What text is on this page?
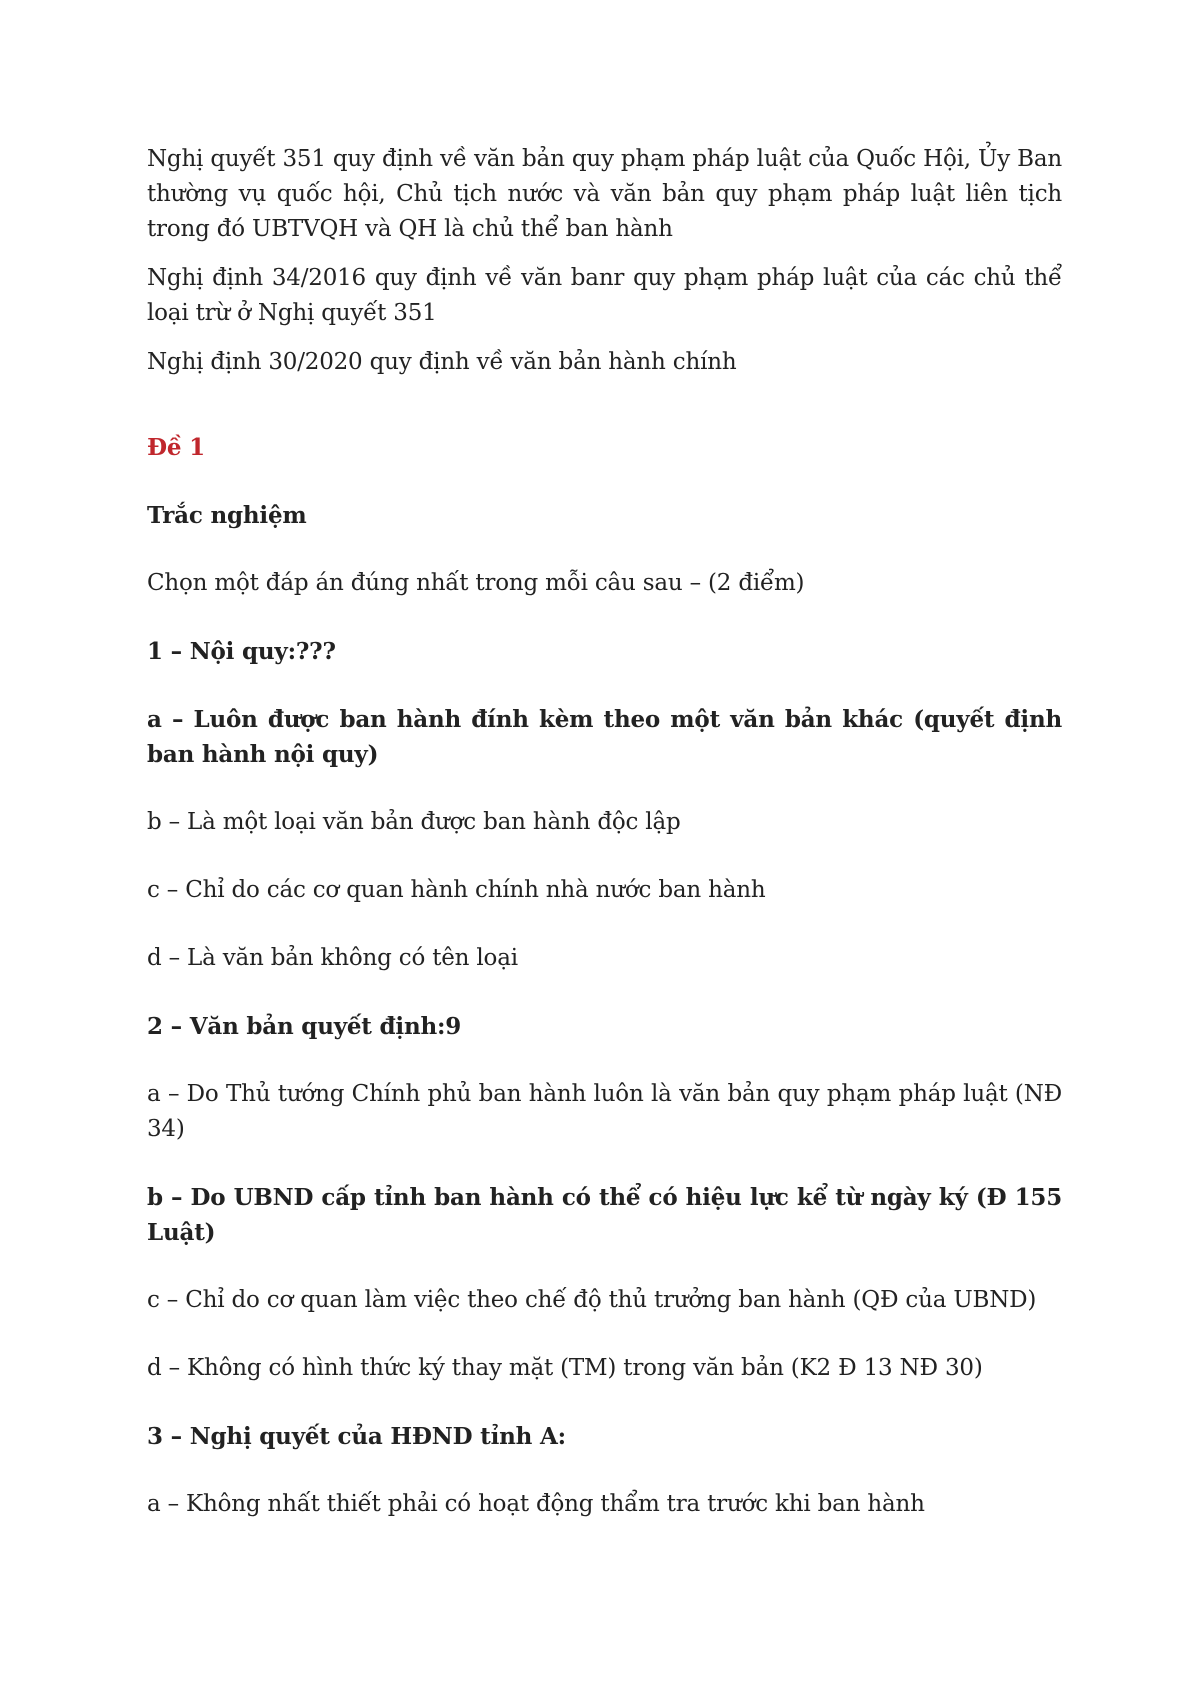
Nghị quyết 351 quy định về văn bản quy phạm pháp luật của Quốc Hội, Ủy Ban thường vụ quốc hội, Chủ tịch nước và văn bản quy phạm pháp luật liên tịch trong đó UBTVQH và QH là chủ thể ban hành

Nghị định 34/2016 quy định về văn banr quy phạm pháp luật của các chủ thể loại trừ ở Nghị quyết 351

Nghị định 30/2020 quy định về văn bản hành chính

Đề 1

Trắc nghiệm

Chọn một đáp án đúng nhất trong mỗi câu sau – (2 điểm)

1 – Nội quy:???

a – Luôn được ban hành đính kèm theo một văn bản khác (quyết định ban hành nội quy)

b – Là một loại văn bản được ban hành độc lập

c – Chỉ do các cơ quan hành chính nhà nước ban hành

d – Là văn bản không có tên loại

2 – Văn bản quyết định:9

a – Do Thủ tướng Chính phủ ban hành luôn là văn bản quy phạm pháp luật (NĐ 34)

b – Do UBND cấp tỉnh ban hành có thể có hiệu lực kể từ ngày ký (Đ 155 Luật)

c – Chỉ do cơ quan làm việc theo chế độ thủ trưởng ban hành (QĐ của UBND)

d – Không có hình thức ký thay mặt (TM) trong văn bản (K2 Đ 13 NĐ 30)

3 – Nghị quyết của HĐND tỉnh A:

a – Không nhất thiết phải có hoạt động thẩm tra trước khi ban hành
